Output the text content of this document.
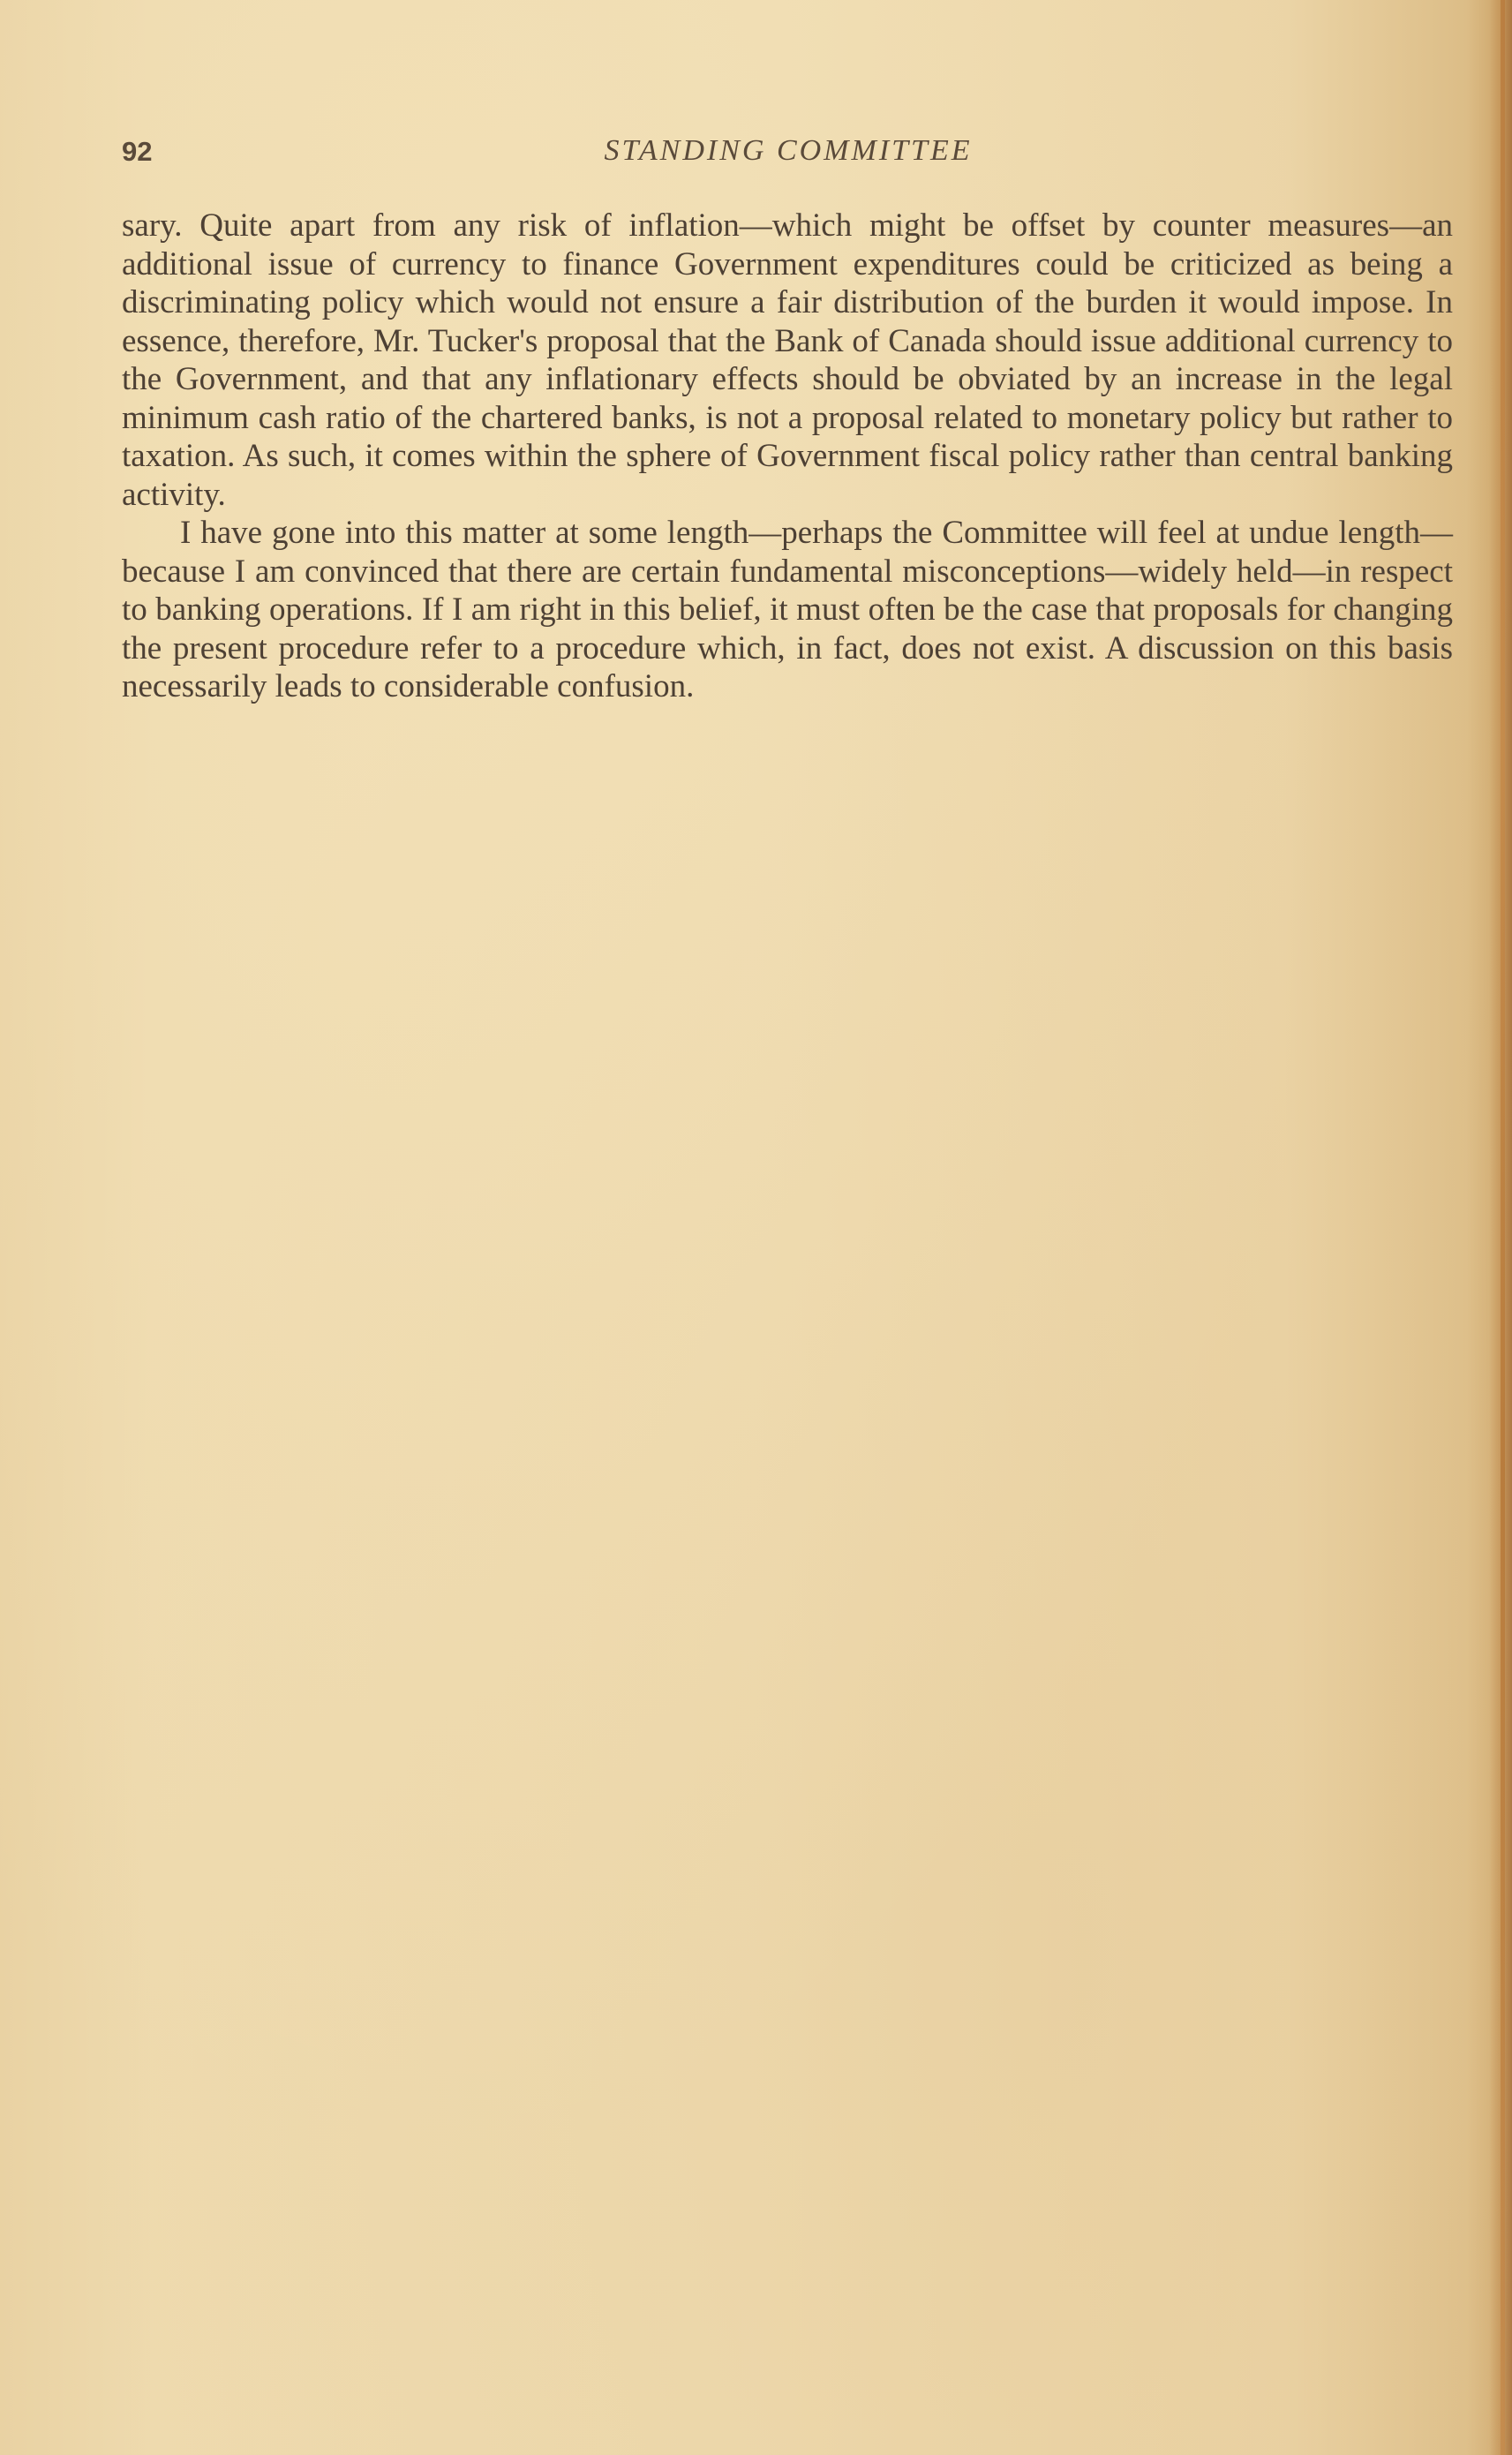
92	STANDING COMMITTEE

sary. Quite apart from any risk of inflation—which might be offset by counter measures—an additional issue of currency to finance Government expenditures could be criticized as being a discriminating policy which would not ensure a fair distribution of the burden it would impose. In essence, therefore, Mr. Tucker's proposal that the Bank of Canada should issue additional currency to the Government, and that any inflationary effects should be obviated by an increase in the legal minimum cash ratio of the chartered banks, is not a proposal related to monetary policy but rather to taxation. As such, it comes within the sphere of Government fiscal policy rather than central banking activity.

I have gone into this matter at some length—perhaps the Committee will feel at undue length—because I am convinced that there are certain fundamental misconceptions—widely held—in respect to banking operations. If I am right in this belief, it must often be the case that proposals for changing the present procedure refer to a procedure which, in fact, does not exist. A discussion on this basis necessarily leads to considerable confusion.
